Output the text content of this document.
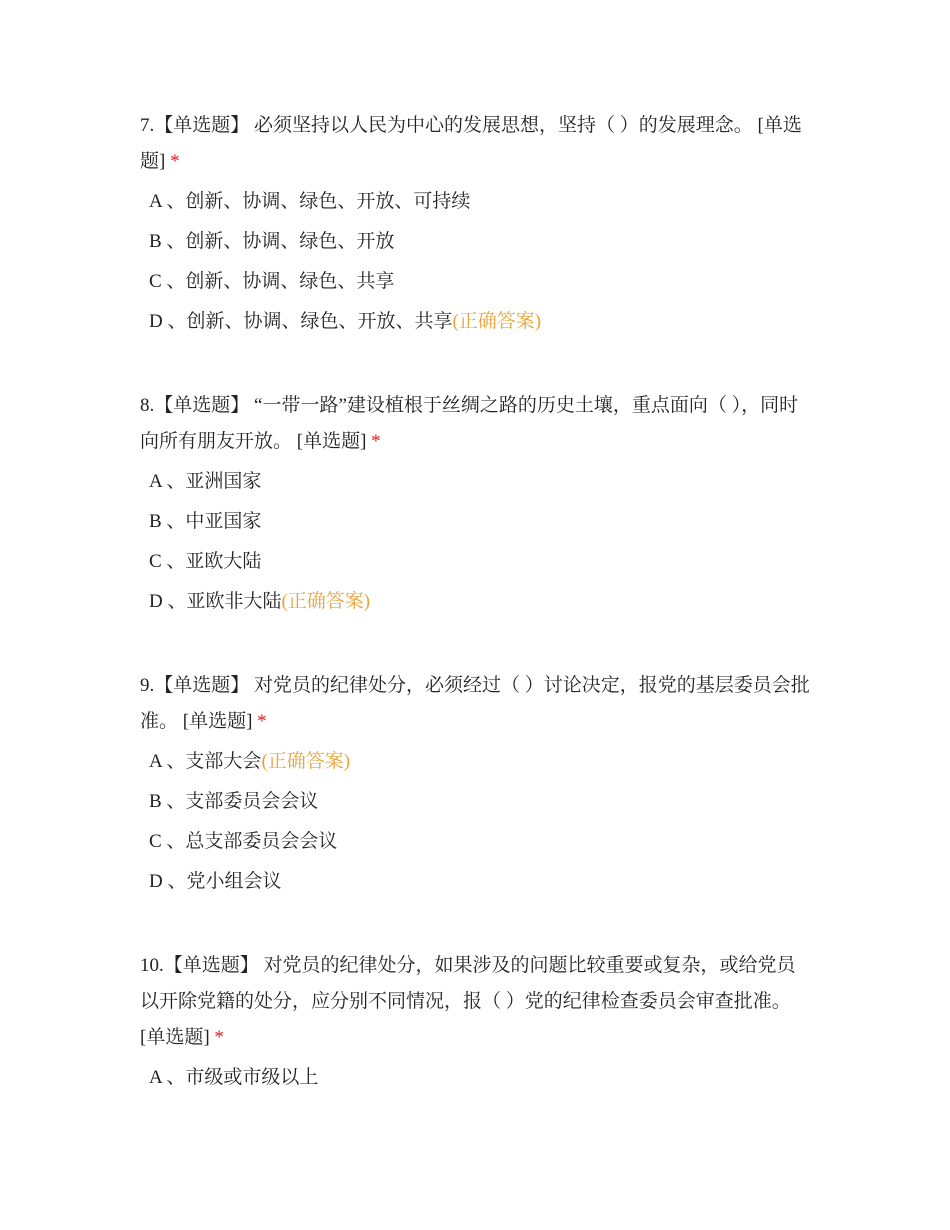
7.【单选题】 必须坚持以人民为中心的发展思想，坚持（ ）的发展理念。 [单选题] *

A 、创新、协调、绿色、开放、可持续
B 、创新、协调、绿色、开放
C 、创新、协调、绿色、共享
D 、创新、协调、绿色、开放、共享(正确答案)

8.【单选题】 “一带一路”建设植根于丝绸之路的历史土壤，重点面向（ ），同时向所有朋友开放。 [单选题] *

A 、亚洲国家
B 、中亚国家
C 、亚欧大陆
D 、亚欧非大陆(正确答案)

9.【单选题】 对党员的纪律处分，必须经过（ ）讨论决定，报党的基层委员会批准。 [单选题] *

A 、支部大会(正确答案)
B 、支部委员会会议
C 、总支部委员会会议
D 、党小组会议

10.【单选题】 对党员的纪律处分，如果涉及的问题比较重要或复杂，或给党员以开除党籍的处分，应分别不同情况，报（ ）党的纪律检查委员会审查批准。 [单选题] *

A 、市级或市级以上
